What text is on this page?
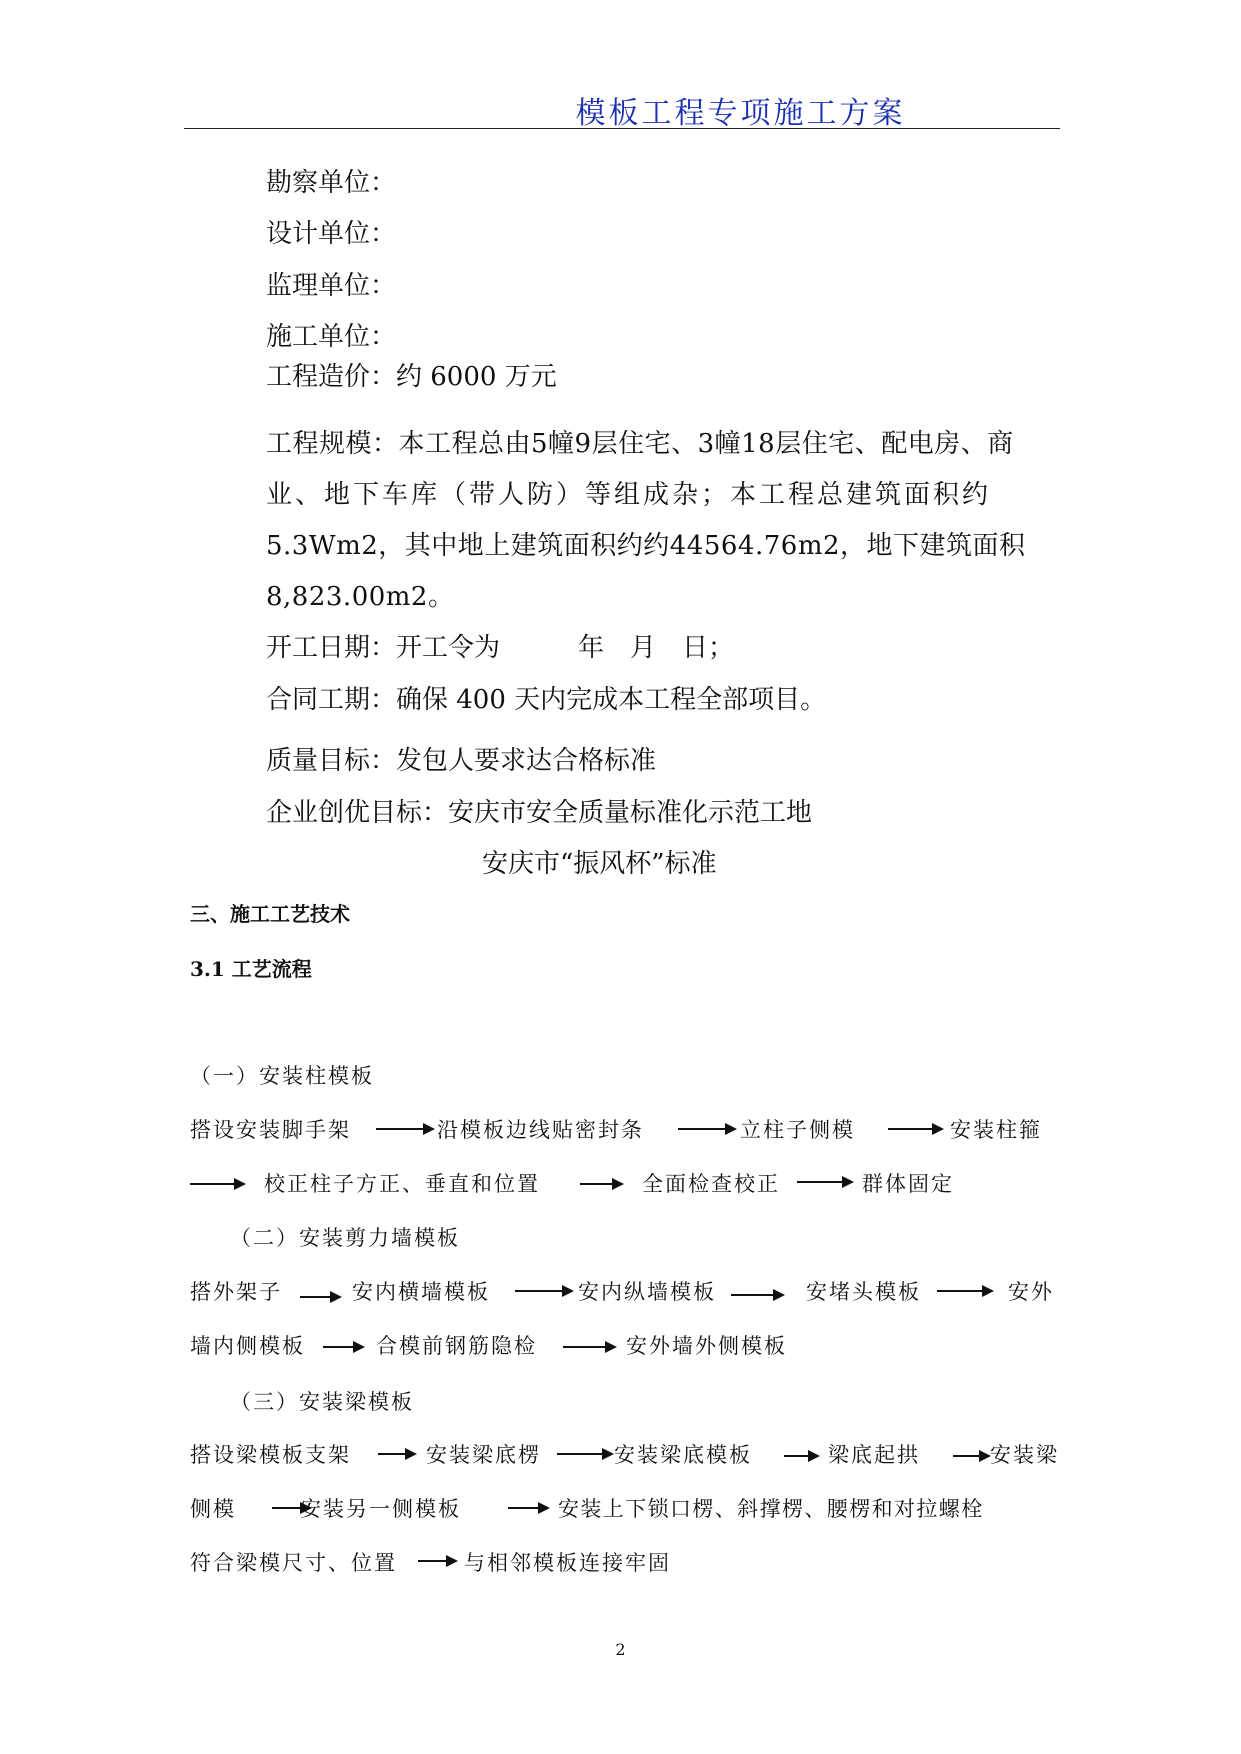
模板工程专项施工方案
勘察单位：
设计单位：
监理单位：
施工单位：
工程造价：约 6000 万元
工程规模：本工程总由5幢9层住宅、3幢18层住宅、配电房、商
业、地下车库（带人防）等组成杂；本工程总建筑面积约
5.3Wm2，其中地上建筑面积约约44564.76m2，地下建筑面积
8,823.00m2。
开工日期：开工令为　　　年　月　日；
合同工期：确保 400 天内完成本工程全部项目。
质量目标：发包人要求达合格标准
企业创优目标：安庆市安全质量标准化示范工地
安庆市“振风杯”标准
三、施工工艺技术
3.1 工艺流程
（一）安装柱模板
搭设安装脚手架	沿模板边线贴密封条	立柱子侧模	安装柱箍
校正柱子方正、垂直和位置	全面检查校正	群体固定
（二）安装剪力墙模板
搭外架子	安内横墙模板	安内纵墙模板	安堵头模板	安外
墙内侧模板	合模前钢筋隐检	安外墙外侧模板
（三）安装梁模板
搭设梁模板支架	安装梁底楞	安装梁底模板	梁底起拱	安装梁
侧模	安装另一侧模板	安装上下锁口楞、斜撑楞、腰楞和对拉螺栓
符合梁模尺寸、位置	与相邻模板连接牢固
2
